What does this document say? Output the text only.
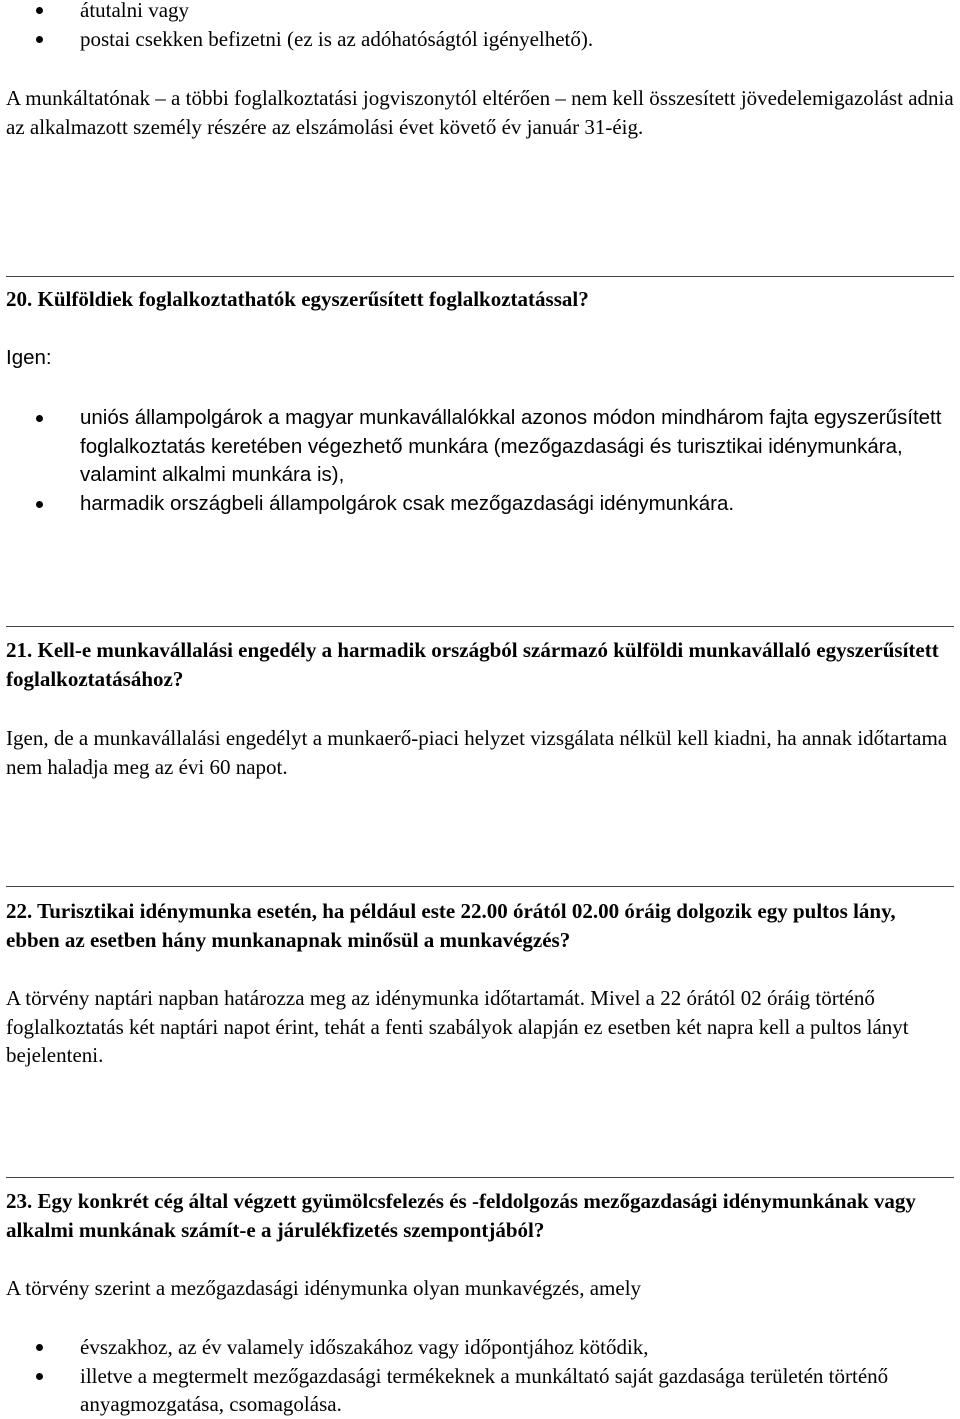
átutalni vagy
postai csekken befizetni (ez is az adóhatóságtól igényelhető).

A munkáltatónak – a többi foglalkoztatási jogviszonytól eltérően – nem kell összesített jövedelemigazolást adnia az alkalmazott személy részére az elszámolási évet követő év január 31-éig.

20. Külföldiek foglalkoztathatók egyszerűsített foglalkoztatással?

Igen:

uniós állampolgárok a magyar munkavállalókkal azonos módon mindhárom fajta egyszerűsített foglalkoztatás keretében végezhető munkára (mezőgazdasági és turisztikai idénymunkára, valamint alkalmi munkára is),
harmadik országbeli állampolgárok csak mezőgazdasági idénymunkára.
21. Kell-e munkavállalási engedély a harmadik országból származó külföldi munkavállaló egyszerűsített foglalkoztatásához?

Igen, de a munkavállalási engedélyt a munkaerő-piaci helyzet vizsgálata nélkül kell kiadni, ha annak időtartama nem haladja meg az évi 60 napot.

22. Turisztikai idénymunka esetén, ha például este 22.00 órától 02.00 óráig dolgozik egy pultos lány, ebben az esetben hány munkanapnak minősül a munkavégzés?

A törvény naptári napban határozza meg az idénymunka időtartamát. Mivel a 22 órától 02 óráig történő foglalkoztatás két naptári napot érint, tehát a fenti szabályok alapján ez esetben két napra kell a pultos lányt bejelenteni.

23. Egy konkrét cég által végzett gyümölcsfelezés és -feldolgozás mezőgazdasági idénymunkának vagy alkalmi munkának számít-e a járulékfizetés szempontjából?

A törvény szerint a mezőgazdasági idénymunka olyan munkavégzés, amely

évszakhoz, az év valamely időszakához vagy időpontjához kötődik,
illetve a megtermelt mezőgazdasági termékeknek a munkáltató saját gazdasága területén történő anyagmozgatása, csomagolása.
